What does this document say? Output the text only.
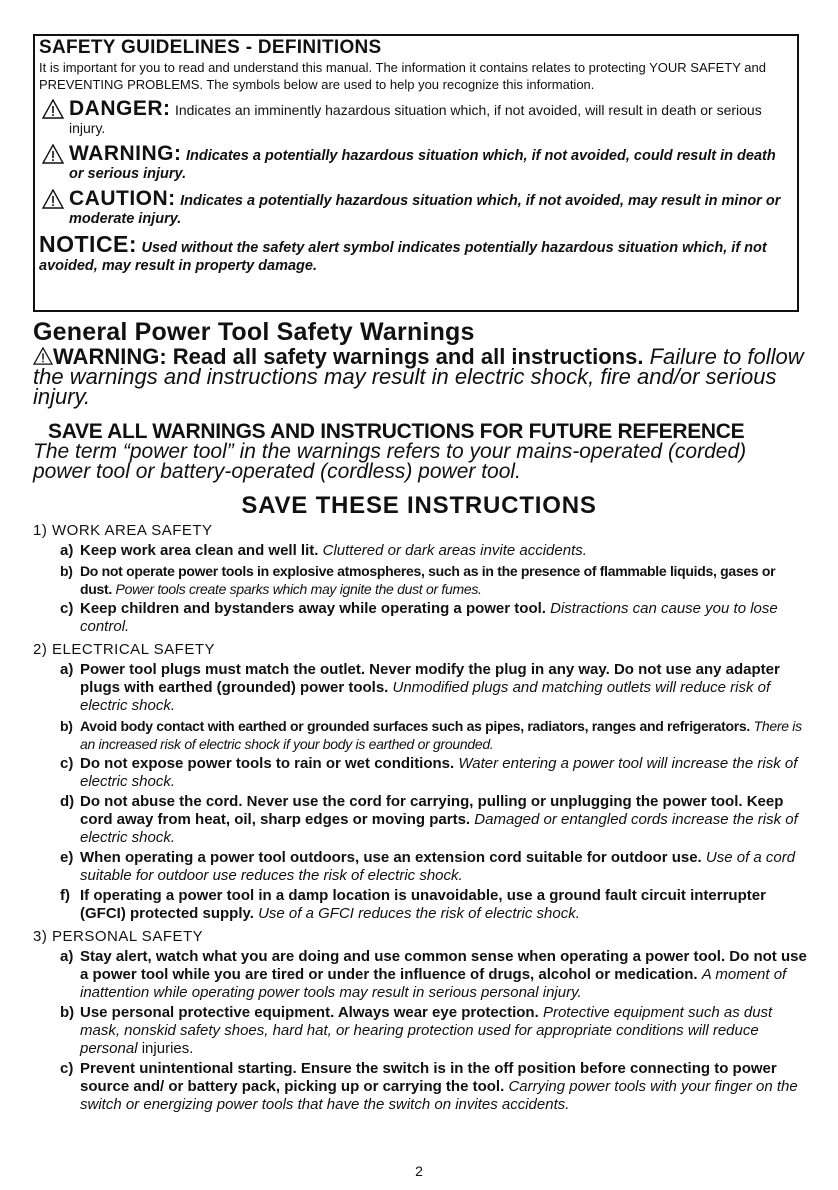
SAFETY GUIDELINES - DEFINITIONS
It is important for you to read and understand this manual. The information it contains relates to protecting YOUR SAFETY and PREVENTING PROBLEMS. The symbols below are used to help you recognize this information.
DANGER: Indicates an imminently hazardous situation which, if not avoided, will result in death or serious injury.
WARNING: Indicates a potentially hazardous situation which, if not avoided, could result in death or serious injury.
CAUTION: Indicates a potentially hazardous situation which, if not avoided, may result in minor or moderate injury.
NOTICE: Used without the safety alert symbol indicates potentially hazardous situation which, if not avoided, may result in property damage.
General Power Tool Safety Warnings
WARNING: Read all safety warnings and all instructions. Failure to follow the warnings and instructions may result in electric shock, fire and/or serious injury.
SAVE ALL WARNINGS AND INSTRUCTIONS FOR FUTURE REFERENCE
The term “power tool” in the warnings refers to your mains-operated (corded) power tool or battery-operated (cordless) power tool.
SAVE THESE INSTRUCTIONS
1) WORK AREA SAFETY
a) Keep work area clean and well lit. Cluttered or dark areas invite accidents.
b) Do not operate power tools in explosive atmospheres, such as in the presence of flammable liquids, gases or dust. Power tools create sparks which may ignite the dust or fumes.
c) Keep children and bystanders away while operating a power tool. Distractions can cause you to lose control.
2) ELECTRICAL SAFETY
a) Power tool plugs must match the outlet. Never modify the plug in any way. Do not use any adapter plugs with earthed (grounded) power tools. Unmodified plugs and matching outlets will reduce risk of electric shock.
b) Avoid body contact with earthed or grounded surfaces such as pipes, radiators, ranges and refrigerators. There is an increased risk of electric shock if your body is earthed or grounded.
c) Do not expose power tools to rain or wet conditions. Water entering a power tool will increase the risk of electric shock.
d) Do not abuse the cord. Never use the cord for carrying, pulling or unplugging the power tool. Keep cord away from heat, oil, sharp edges or moving parts. Damaged or entangled cords increase the risk of electric shock.
e) When operating a power tool outdoors, use an extension cord suitable for outdoor use. Use of a cord suitable for outdoor use reduces the risk of electric shock.
f) If operating a power tool in a damp location is unavoidable, use a ground fault circuit interrupter (GFCI) protected supply. Use of a GFCI reduces the risk of electric shock.
3) PERSONAL SAFETY
a) Stay alert, watch what you are doing and use common sense when operating a power tool. Do not use a power tool while you are tired or under the influence of drugs, alcohol or medication. A moment of inattention while operating power tools may result in serious personal injury.
b) Use personal protective equipment. Always wear eye protection. Protective equipment such as dust mask, nonskid safety shoes, hard hat, or hearing protection used for appropriate conditions will reduce personal injuries.
c) Prevent unintentional starting. Ensure the switch is in the off position before connecting to power source and/ or battery pack, picking up or carrying the tool. Carrying power tools with your finger on the switch or energizing power tools that have the switch on invites accidents.
2
